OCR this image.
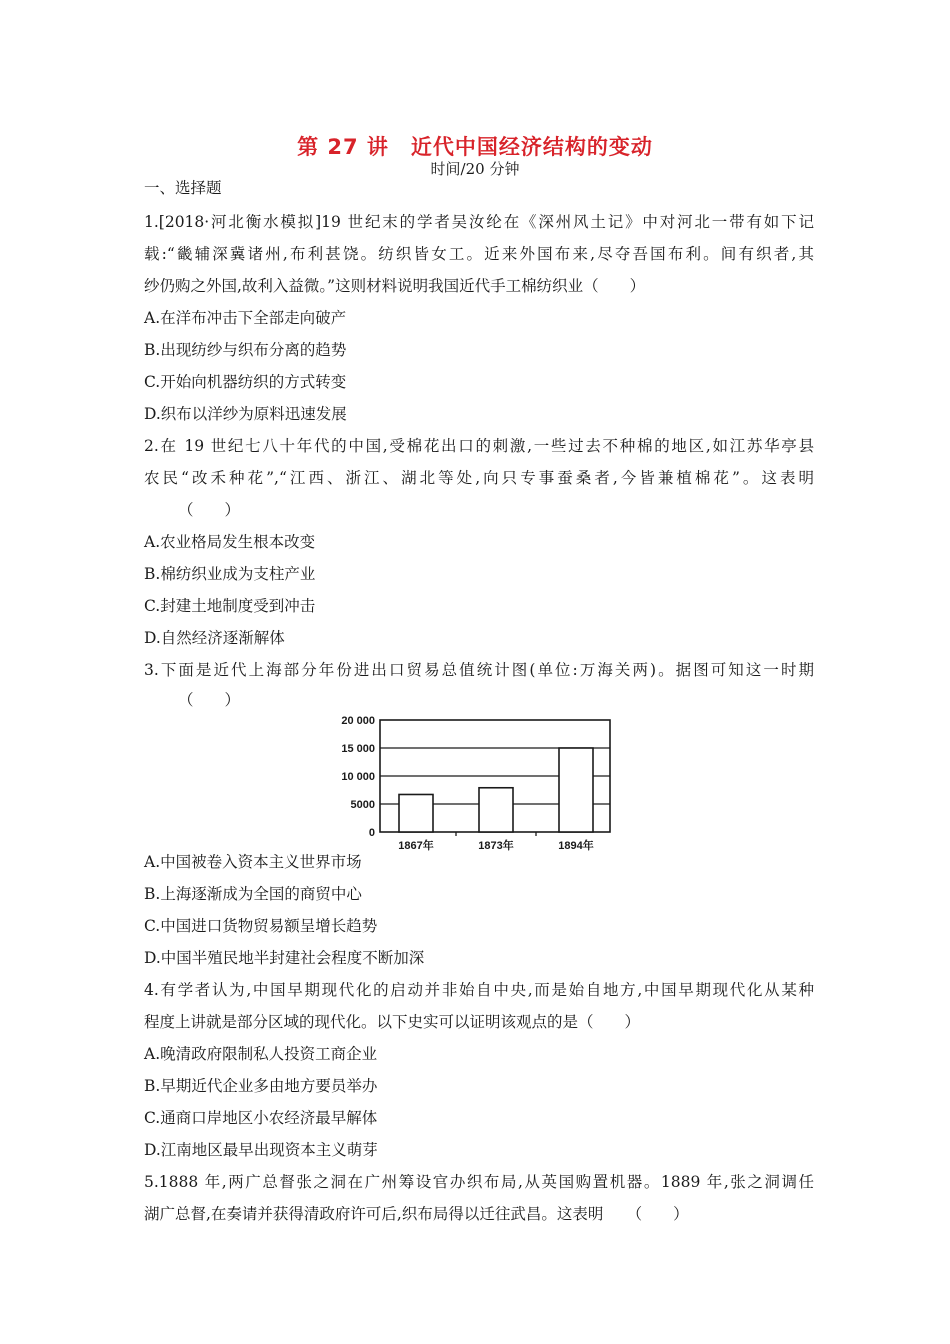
第 27 讲　近代中国经济结构的变动
时间/20 分钟
一、选择题
1.[2018·河北衡水模拟]19 世纪末的学者吴汝纶在《深州风土记》中对河北一带有如下记
载:“畿辅深冀诸州,布利甚饶。纺织皆女工。近来外国布来,尽夺吾国布利。间有织者,其
纱仍购之外国,故利入益微。”这则材料说明我国近代手工棉纺织业（　　）
A.在洋布冲击下全部走向破产
B.出现纺纱与织布分离的趋势
C.开始向机器纺织的方式转变
D.织布以洋纱为原料迅速发展
2.在 19 世纪七八十年代的中国,受棉花出口的刺激,一些过去不种棉的地区,如江苏华亭县
农民“改禾种花”,“江西、浙江、湖北等处,向只专事蚕桑者,今皆兼植棉花”。这表明
（　　）
A.农业格局发生根本改变
B.棉纺织业成为支柱产业
C.封建土地制度受到冲击
D.自然经济逐渐解体
3.下面是近代上海部分年份进出口贸易总值统计图(单位:万海关两)。据图可知这一时期
（　　）
0
5000
10 000
15 000
20 000
1867年	1873年	1894年
A.中国被卷入资本主义世界市场
B.上海逐渐成为全国的商贸中心
C.中国进口货物贸易额呈增长趋势
D.中国半殖民地半封建社会程度不断加深
4.有学者认为,中国早期现代化的启动并非始自中央,而是始自地方,中国早期现代化从某种
程度上讲就是部分区域的现代化。以下史实可以证明该观点的是（　　）
A.晚清政府限制私人投资工商企业
B.早期近代企业多由地方要员举办
C.通商口岸地区小农经济最早解体
D.江南地区最早出现资本主义萌芽
5.1888 年,两广总督张之洞在广州筹设官办织布局,从英国购置机器。1889 年,张之洞调任
湖广总督,在奏请并获得清政府许可后,织布局得以迁往武昌。这表明　　（　　）
